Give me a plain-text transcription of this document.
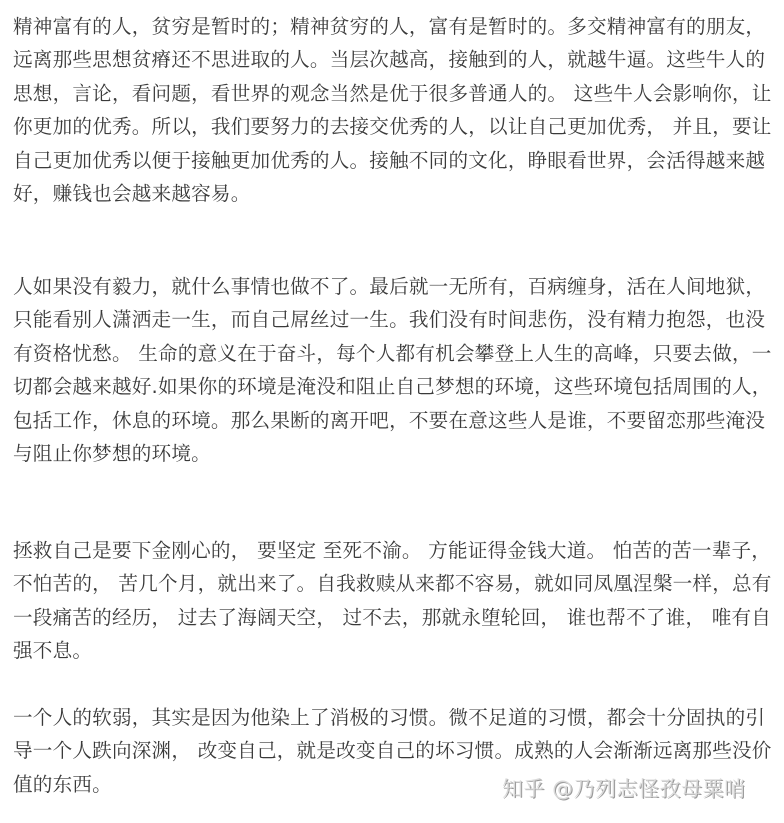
精神富有的人，贫穷是暂时的；精神贫穷的人，富有是暂时的。多交精神富有的朋友，
远离那些思想贫瘠还不思进取的人。当层次越高，接触到的人，就越牛逼。这些牛人的
思想，言论，看问题，看世界的观念当然是优于很多普通人的。 这些牛人会影响你，让
你更加的优秀。所以，我们要努力的去接交优秀的人，以让自己更加优秀， 并且，要让
自己更加优秀以便于接触更加优秀的人。接触不同的文化，睁眼看世界，会活得越来越
好，赚钱也会越来越容易。
人如果没有毅力，就什么事情也做不了。最后就一无所有，百病缠身，活在人间地狱，
只能看别人潇洒走一生，而自己屌丝过一生。我们没有时间悲伤，没有精力抱怨，也没
有资格忧愁。 生命的意义在于奋斗，每个人都有机会攀登上人生的高峰，只要去做，一
切都会越来越好.如果你的环境是淹没和阻止自己梦想的环境，这些环境包括周围的人，
包括工作，休息的环境。那么果断的离开吧，不要在意这些人是谁，不要留恋那些淹没
与阻止你梦想的环境。
拯救自己是要下金刚心的， 要坚定 至死不渝。 方能证得金钱大道。 怕苦的苦一辈子，
不怕苦的， 苦几个月，就出来了。自我救赎从来都不容易，就如同凤凰涅槃一样，总有
一段痛苦的经历， 过去了海阔天空， 过不去，那就永堕轮回， 谁也帮不了谁， 唯有自
强不息。
一个人的软弱，其实是因为他染上了消极的习惯。微不足道的习惯，都会十分固执的引
导一个人跌向深渊， 改变自己，就是改变自己的坏习惯。成熟的人会渐渐远离那些没价
值的东西。	知乎 @乃列志怪孜母粟哨
